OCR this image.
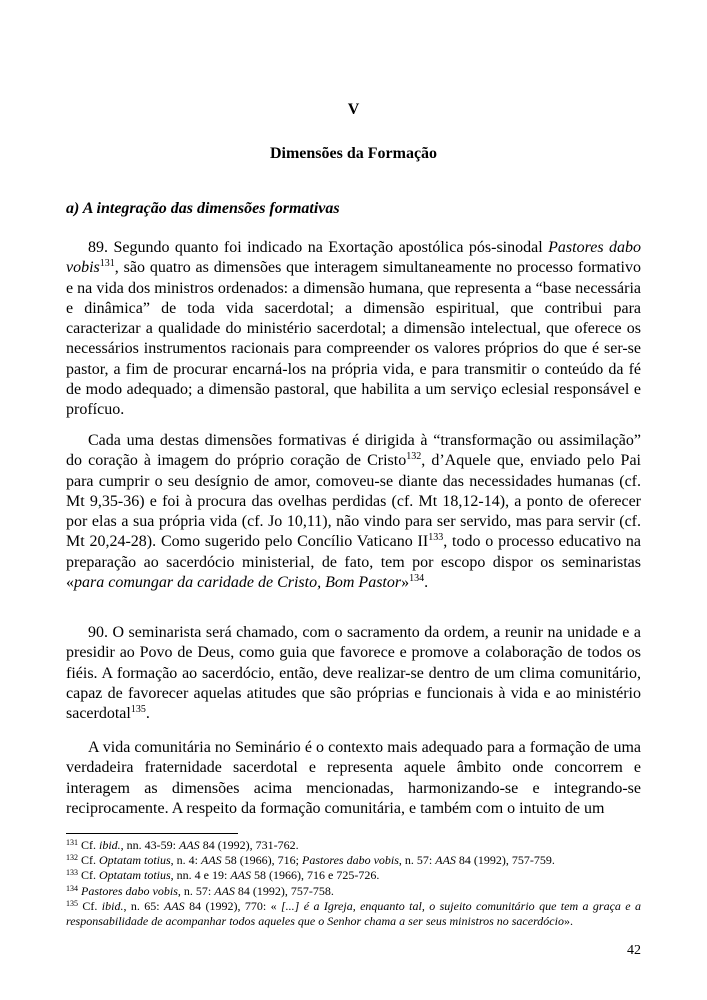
V
Dimensões da Formação
a) A integração das dimensões formativas
89. Segundo quanto foi indicado na Exortação apostólica pós-sinodal Pastores dabo vobis$^{131}$, são quatro as dimensões que interagem simultaneamente no processo formativo e na vida dos ministros ordenados: a dimensão humana, que representa a “base necessária e dinâmica” de toda vida sacerdotal; a dimensão espiritual, que contribui para caracterizar a qualidade do ministério sacerdotal; a dimensão intelectual, que oferece os necessários instrumentos racionais para compreender os valores próprios do que é ser-se pastor, a fim de procurar encarná-los na própria vida, e para transmitir o conteúdo da fé de modo adequado; a dimensão pastoral, que habilita a um serviço eclesial responsável e profícuo.
Cada uma destas dimensões formativas é dirigida à “transformação ou assimilação” do coração à imagem do próprio coração de Cristo$^{132}$, d’Aquele que, enviado pelo Pai para cumprir o seu desígnio de amor, comoveu-se diante das necessidades humanas (cf. Mt 9,35-36) e foi à procura das ovelhas perdidas (cf. Mt 18,12-14), a ponto de oferecer por elas a sua própria vida (cf. Jo 10,11), não vindo para ser servido, mas para servir (cf. Mt 20,24-28). Como sugerido pelo Concílio Vaticano II$^{133}$, todo o processo educativo na preparação ao sacerdócio ministerial, de fato, tem por escopo dispor os seminaristas «para comungar da caridade de Cristo, Bom Pastor»$^{134}$.
90. O seminarista será chamado, com o sacramento da ordem, a reunir na unidade e a presidir ao Povo de Deus, como guia que favorece e promove a colaboração de todos os fiéis. A formação ao sacerdócio, então, deve realizar-se dentro de um clima comunitário, capaz de favorecer aquelas atitudes que são próprias e funcionais à vida e ao ministério sacerdotal$^{135}$.
A vida comunitária no Seminário é o contexto mais adequado para a formação de uma verdadeira fraternidade sacerdotal e representa aquele âmbito onde concorrem e interagem as dimensões acima mencionadas, harmonizando-se e integrando-se reciprocamente. A respeito da formação comunitária, e também com o intuito de um
$^{131}$ Cf. ibid., nn. 43-59: AAS 84 (1992), 731-762.
$^{132}$ Cf. Optatam totius, n. 4: AAS 58 (1966), 716; Pastores dabo vobis, n. 57: AAS 84 (1992), 757-759.
$^{133}$ Cf. Optatam totius, nn. 4 e 19: AAS 58 (1966), 716 e 725-726.
$^{134}$ Pastores dabo vobis, n. 57: AAS 84 (1992), 757-758.
$^{135}$ Cf. ibid., n. 65: AAS 84 (1992), 770: « [...] é a Igreja, enquanto tal, o sujeito comunitário que tem a graça e a responsabilidade de acompanhar todos aqueles que o Senhor chama a ser seus ministros no sacerdócio».
42
